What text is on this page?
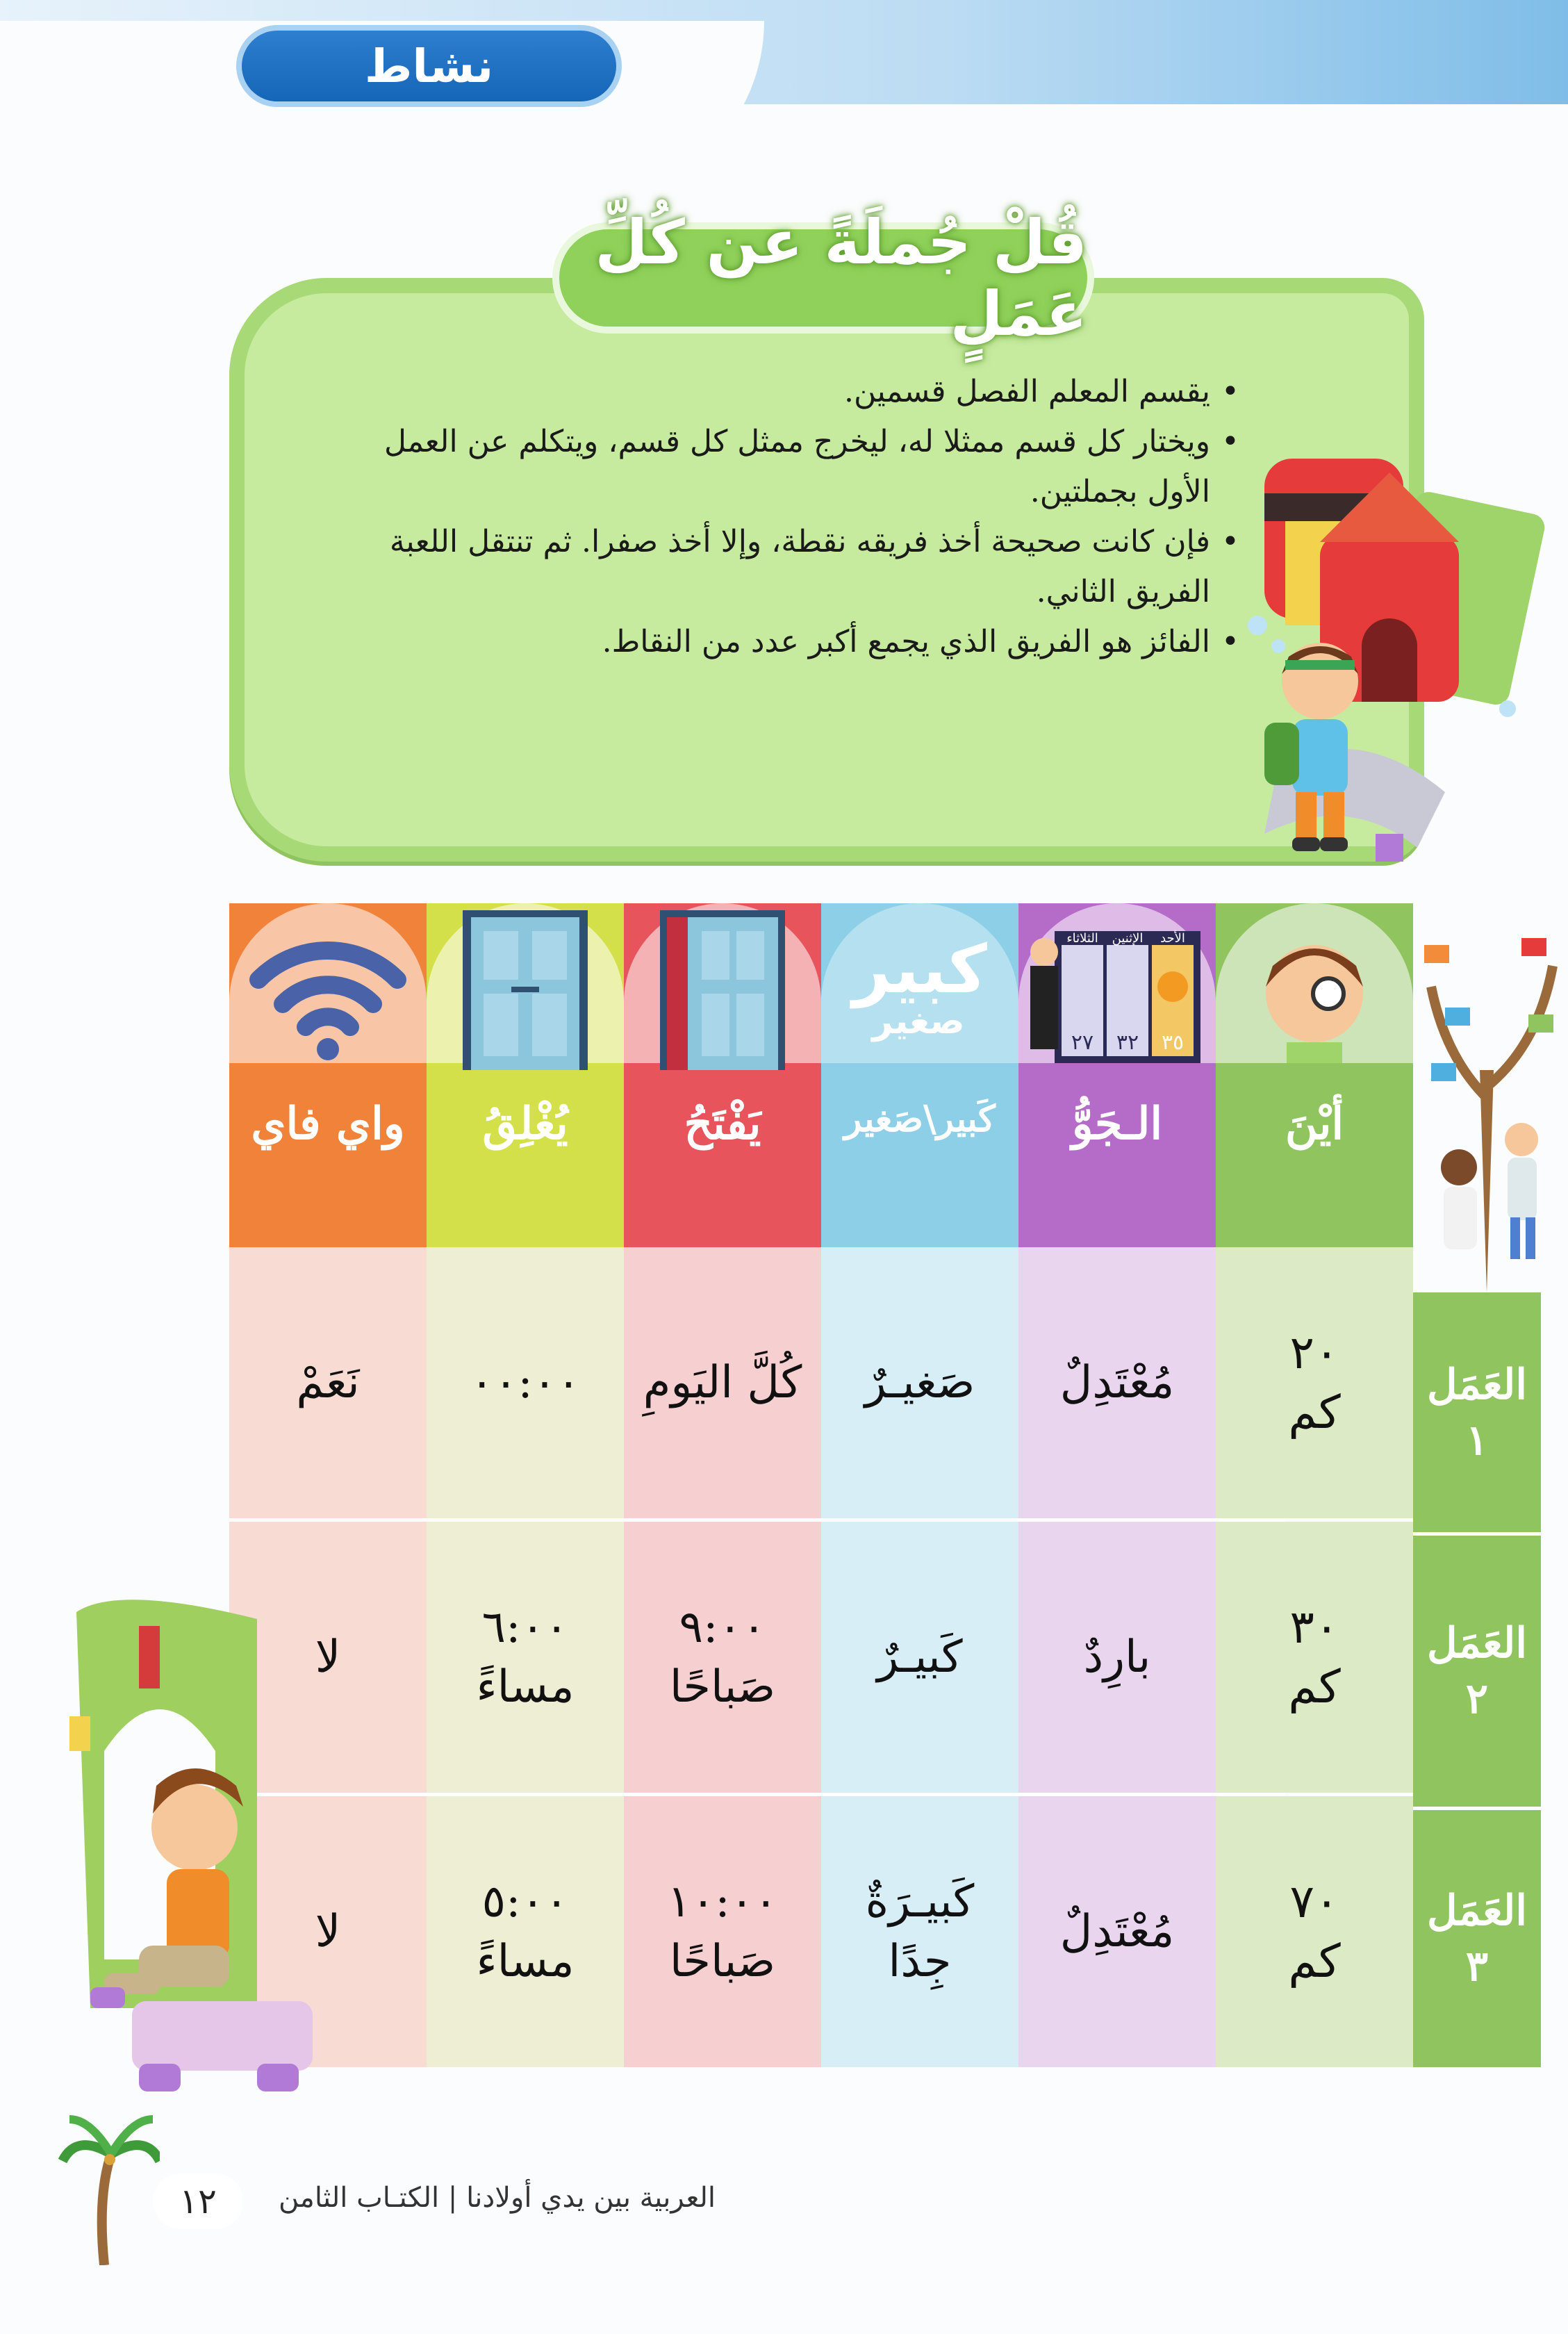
نشاط
قُلْ جُملَةً عن كُلِّ عَمَلٍ
• يقسم المعلم الفصل قسمين.
• ويختار كل قسم ممثلا له، ليخرج ممثل كل قسم، ويتكلم عن العمل الأول بجملتين.
• فإن كانت صحيحة أخذ فريقه نقطة، وإلا أخذ صفرا. ثم تنتقل اللعبة الفريق الثاني.
• الفائز هو الفريق الذي يجمع أكبر عدد من النقاط.
أيْنَ
الأحد
الإثنين
الثلاثاء
٣٥
٣٢
٢٧
الـجَوُّ
كبير
صغير
كَبير\صَغير
يَفْتَحُ
يُغْلِقُ
واي فاي
٢٠
كم
مُعْتَدِلٌ
صَغيـرٌ
كُلَّ اليَومِ
٠٠:٠٠
نَعَمْ
٣٠
كم
بارِدٌ
كَبيـرٌ
٩:٠٠
صَباحًا
٦:٠٠
مساءً
لا
٧٠
كم
مُعْتَدِلٌ
كَبيـرَةٌ
جِدًا
١٠:٠٠
صَباحًا
٥:٠٠
مساءً
لا
العَمَل
١
العَمَل
٢
العَمَل
٣
١٢	العربية بين يدي أولادنا | الكتـاب الثامن
